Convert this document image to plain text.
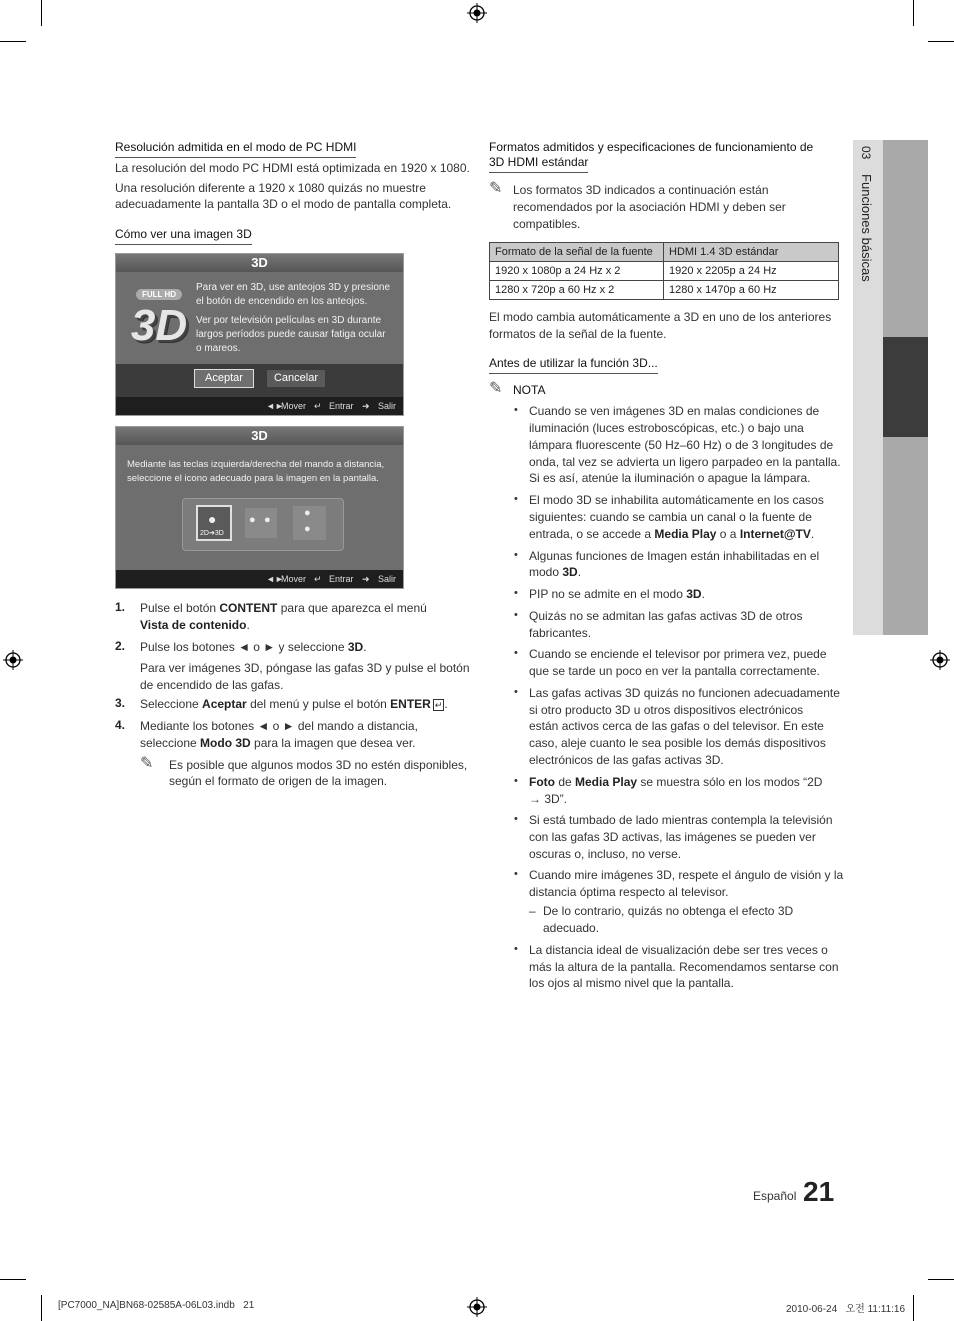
Resolución admitida en el modo de PC HDMI

La resolución del modo PC HDMI está optimizada en 1920 x 1080.

Una resolución diferente a 1920 x 1080 quizás no muestre

adecuadamente la pantalla 3D o el modo de pantalla completa.

Cómo ver una imagen 3D
3D
FULL HD
3D
Para ver en 3D, use anteojos 3D y presione
el botón de encendido en los anteojos.
Ver por televisión películas en 3D durante
largos períodos puede causar fatiga ocular
o mareos.
Aceptar	Cancelar
◄►
Mover ↵ Entrar ➜ Salir
3D
Mediante las teclas izquierda/derecha del mando a distancia,
seleccione el icono adecuado para la imagen en la pantalla.
●
2D➔3D
● ●
●
●
◄►
Mover ↵ Entrar ➜ Salir
1. Pulse el botón CONTENT para que aparezca el menú

Vista de contenido.

2. Pulse los botones ◄ o ► y seleccione 3D.

Para ver imágenes 3D, póngase las gafas 3D y pulse el botón

de encendido de las gafas.

3. Seleccione Aceptar del menú y pulse el botón ENTER ↵ .

4. Mediante los botones ◄ o ► del mando a distancia,

seleccione Modo 3D para la imagen que desea ver.

✎ Es posible que algunos modos 3D no estén disponibles,

según el formato de origen de la imagen.

Formatos admitidos y especificaciones de funcionamiento de

3D HDMI estándar
✎ Los formatos 3D indicados a continuación están

recomendados por la asociación HDMI y deben ser

compatibles.

Formato de la señal de la fuente	HDMI 1.4 3D estándar
1920 x 1080p a 24 Hz x 2	1920 x 2205p a 24 Hz
1280 x 720p a 60 Hz x 2	1280 x 1470p a 60 Hz

El modo cambia automáticamente a 3D en uno de los anteriores

formatos de la señal de la fuente.

Antes de utilizar la función 3D...
✎ NOTA

• Cuando se ven imágenes 3D en malas condiciones de

iluminación (luces estroboscópicas, etc.) o bajo una

lámpara fluorescente (50 Hz–60 Hz) o de 3 longitudes de

onda, tal vez se advierta un ligero parpadeo en la pantalla.

Si es así, atenúe la iluminación o apague la lámpara.

• El modo 3D se inhabilita automáticamente en los casos

siguientes: cuando se cambia un canal o la fuente de

entrada, o se accede a Media Play o a Internet@TV.

• Algunas funciones de Imagen están inhabilitadas en el

modo 3D.

• PIP no se admite en el modo 3D.

• Quizás no se admitan las gafas activas 3D de otros

fabricantes.

• Cuando se enciende el televisor por primera vez, puede

que se tarde un poco en ver la pantalla correctamente.

• Las gafas activas 3D quizás no funcionen adecuadamente

si otro producto 3D u otros dispositivos electrónicos

están activos cerca de las gafas o del televisor. En este

caso, aleje cuanto le sea posible los demás dispositivos

electrónicos de las gafas activas 3D.

• Foto de Media Play se muestra sólo en los modos “2D

→ 3D”.

• Si está tumbado de lado mientras contempla la televisión

con las gafas 3D activas, las imágenes se pueden ver

oscuras o, incluso, no verse.

• Cuando mire imágenes 3D, respete el ángulo de visión y la

distancia óptima respecto al televisor.

– De lo contrario, quizás no obtenga el efecto 3D

adecuado.

• La distancia ideal de visualización debe ser tres veces o

más la altura de la pantalla. Recomendamos sentarse con

los ojos al mismo nivel que la pantalla.

03  Funciones básicas
Español 21
[PC7000_NA]BN68-02585A-06L03.indb   21	2010-06-24   오전 11:11:16
